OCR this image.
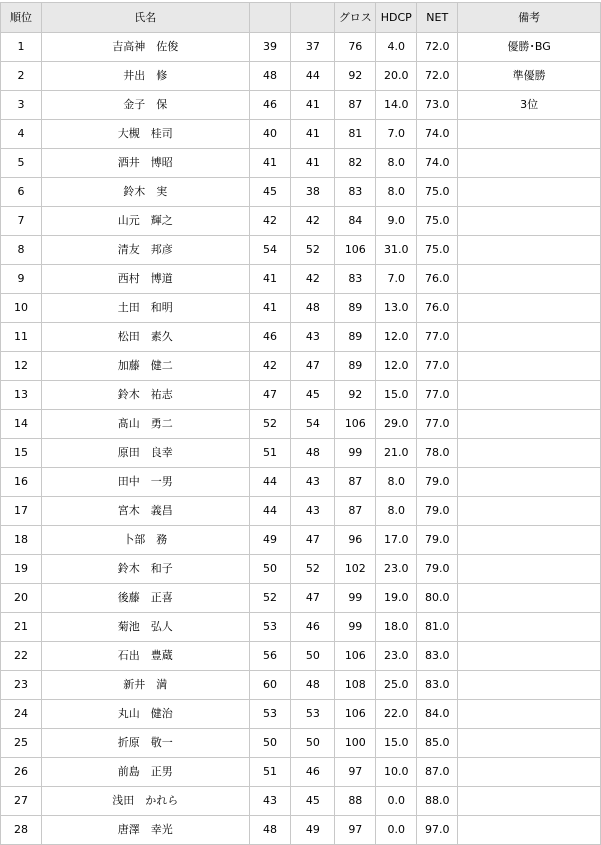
順位	氏名			グロス	HDCP	NET	備考
1	吉高神　佐俊	39	37	76	4.0	72.0	優勝･BG
2	井出　修	48	44	92	20.0	72.0	準優勝
3	金子　保	46	41	87	14.0	73.0	3位
4	大槻　桂司	40	41	81	7.0	74.0	
5	酒井　博昭	41	41	82	8.0	74.0	
6	鈴木　実	45	38	83	8.0	75.0	
7	山元　輝之	42	42	84	9.0	75.0	
8	清友　邦彦	54	52	106	31.0	75.0	
9	西村　博道	41	42	83	7.0	76.0	
10	土田　和明	41	48	89	13.0	76.0	
11	松田　素久	46	43	89	12.0	77.0	
12	加藤　健二	42	47	89	12.0	77.0	
13	鈴木　祐志	47	45	92	15.0	77.0	
14	髙山　勇二	52	54	106	29.0	77.0	
15	原田　良幸	51	48	99	21.0	78.0	
16	田中　一男	44	43	87	8.0	79.0	
17	宮木　義昌	44	43	87	8.0	79.0	
18	卜部　務	49	47	96	17.0	79.0	
19	鈴木　和子	50	52	102	23.0	79.0	
20	後藤　正喜	52	47	99	19.0	80.0	
21	菊池　弘人	53	46	99	18.0	81.0	
22	石出　豊蔵	56	50	106	23.0	83.0	
23	新井　満	60	48	108	25.0	83.0	
24	丸山　健治	53	53	106	22.0	84.0	
25	折原　敬一	50	50	100	15.0	85.0	
26	前島　正男	51	46	97	10.0	87.0	
27	浅田　かれら	43	45	88	0.0	88.0	
28	唐澤　幸光	48	49	97	0.0	97.0	
